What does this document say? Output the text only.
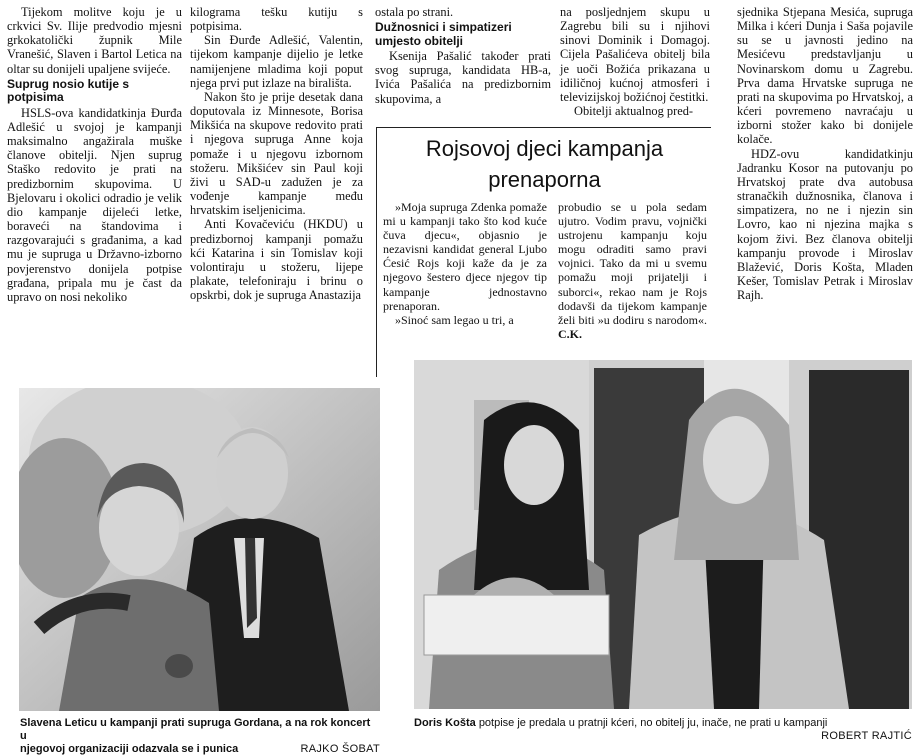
Tijekom molitve koju je u crkvici Sv. Ilije predvodio mjesni grkokatolički župnik Mile Vranešić, Slaven i Bartol Letica na oltar su donijeli upaljene svijeće.

Suprug nosio kutije s potpisima

HSLS-ova kandidatkinja Đurđa Adlešić u svojoj je kampanji maksimalno angažirala muške članove obitelji. Njen suprug Staško redovito je prati na predizbornim skupovima. U Bjelovaru i okolici odradio je velik dio kampanje dijeleći letke, boraveći na štandovima i razgovarajući s građanima, a kad mu je supruga u Državno-izborno povjerenstvo donijela potpise građana, pripala mu je čast da upravo on nosi nekoliko

kilograma tešku kutiju s potpisima.

Sin Đurđe Adlešić, Valentin, tijekom kampanje dijelio je letke namijenjene mladima koji poput njega prvi put izlaze na birališta.

Nakon što je prije desetak dana doputovala iz Minnesote, Borisa Mikšića na skupove redovito prati i njegova supruga Anne koja pomaže i u njegovu izbornom stožeru. Mikšićev sin Paul koji živi u SAD-u zadužen je za vođenje kampanje među hrvatskim iseljenicima.

Anti Kovačeviću (HKDU) u predizbornoj kampanji pomažu kći Katarina i sin Tomislav koji volontiraju u stožeru, lijepe plakate, telefoniraju i brinu o opskrbi, dok je supruga Anastazija

ostala po strani.

Dužnosnici i simpatizeri umjesto obitelji

Ksenija Pašalić također prati svog supruga, kandidata HB-a, Ivića Pašalića na predizbornim skupovima, a

na posljednjem skupu u Zagrebu bili su i njihovi sinovi Dominik i Domagoj. Cijela Pašalićeva obitelj bila je uoči Božića prikazana u idiličnoj kućnoj atmosferi i televizijskoj božićnoj čestitki.

Obitelji aktualnog pred-

sjednika Stjepana Mesića, supruga Milka i kćeri Dunja i Saša pojavile su se u javnosti jedino na Mesićevu predstavljanju u Novinarskom domu u Zagrebu. Prva dama Hrvatske supruga ne prati na skupovima po Hrvatskoj, a kćeri povremeno navraćaju u izborni stožer kako bi donijele kolače.

HDZ-ovu kandidatkinju Jadranku Kosor na putovanju po Hrvatskoj prate dva autobusa stranačkih dužnosnika, članova i simpatizera, no ne i njezin sin Lovro, kao ni njezina majka s kojom živi. Bez članova obitelji kampanju provode i Miroslav Blažević, Doris Košta, Mladen Kešer, Tomislav Petrak i Miroslav Rajh.

Rojsovoj djeci kampanja
prenaporna

»Moja supruga Zdenka pomaže mi u kampanji tako što kod kuće čuva djecu«, objasnio je nezavisni kandidat general Ljubo Ćesić Rojs koji kaže da je za njegovo šestero djece njegov tip kampanje jednostavno prenaporan.

»Sinoć sam legao u tri, a

probudio se u pola sedam ujutro. Vodim pravu, vojnički ustrojenu kampanju koju mogu odraditi samo pravi vojnici. Tako da mi u svemu pomažu moji prijatelji i suborci«, rekao nam je Rojs dodavši da tijekom kampanje želi biti »u dodiru s narodom«. C.K.

Slavena Leticu u kampanji prati supruga Gordana, a na rok koncert u
njegovoj organizaciji odazvala se i punica	RAJKO ŠOBAT
Doris Košta potpise je predala u pratnji kćeri, no obitelj ju, inače, ne prati u kampanji
ROBERT RAJTIĆ
